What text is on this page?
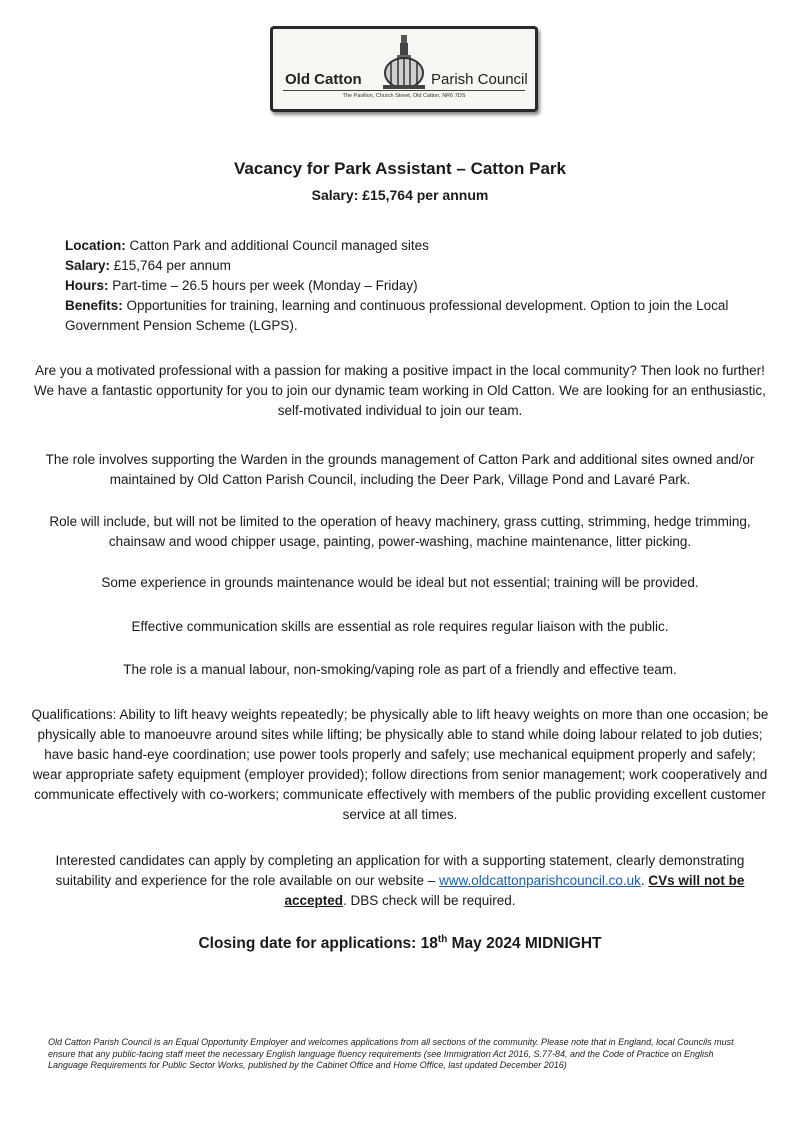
Old Catton	Parish Council
The Pavilion, Church Street, Old Catton, NR6 7DS
Vacancy for Park Assistant – Catton Park
Salary: £15,764 per annum
Location: Catton Park and additional Council managed sites
Salary: £15,764 per annum
Hours: Part-time – 26.5 hours per week (Monday – Friday)
Benefits: Opportunities for training, learning and continuous professional development. Option to join the Local Government Pension Scheme (LGPS).

Are you a motivated professional with a passion for making a positive impact in the local community? Then look no further! We have a fantastic opportunity for you to join our dynamic team working in Old Catton. We are looking for an enthusiastic, self-motivated individual to join our team.

The role involves supporting the Warden in the grounds management of Catton Park and additional sites owned and/or maintained by Old Catton Parish Council, including the Deer Park, Village Pond and Lavaré Park.

Role will include, but will not be limited to the operation of heavy machinery, grass cutting, strimming, hedge trimming, chainsaw and wood chipper usage, painting, power-washing, machine maintenance, litter picking.

Some experience in grounds maintenance would be ideal but not essential; training will be provided.

Effective communication skills are essential as role requires regular liaison with the public.

The role is a manual labour, non-smoking/vaping role as part of a friendly and effective team.

Qualifications: Ability to lift heavy weights repeatedly; be physically able to lift heavy weights on more than one occasion; be physically able to manoeuvre around sites while lifting; be physically able to stand while doing labour related to job duties; have basic hand-eye coordination; use power tools properly and safely; use mechanical equipment properly and safely; wear appropriate safety equipment (employer provided); follow directions from senior management; work cooperatively and communicate effectively with co-workers; communicate effectively with members of the public providing excellent customer service at all times.

Interested candidates can apply by completing an application for with a supporting statement, clearly demonstrating suitability and experience for the role available on our website – www.oldcattonparishcouncil.co.uk. CVs will not be accepted. DBS check will be required.

Closing date for applications: 18th May 2024 MIDNIGHT
Old Catton Parish Council is an Equal Opportunity Employer and welcomes applications from all sections of the community. Please note that in England, local Councils must ensure that any public-facing staff meet the necessary English language fluency requirements (see Immigration Act 2016, S.77-84, and the Code of Practice on English Language Requirements for Public Sector Works, published by the Cabinet Office and Home Office, last updated December 2016)
